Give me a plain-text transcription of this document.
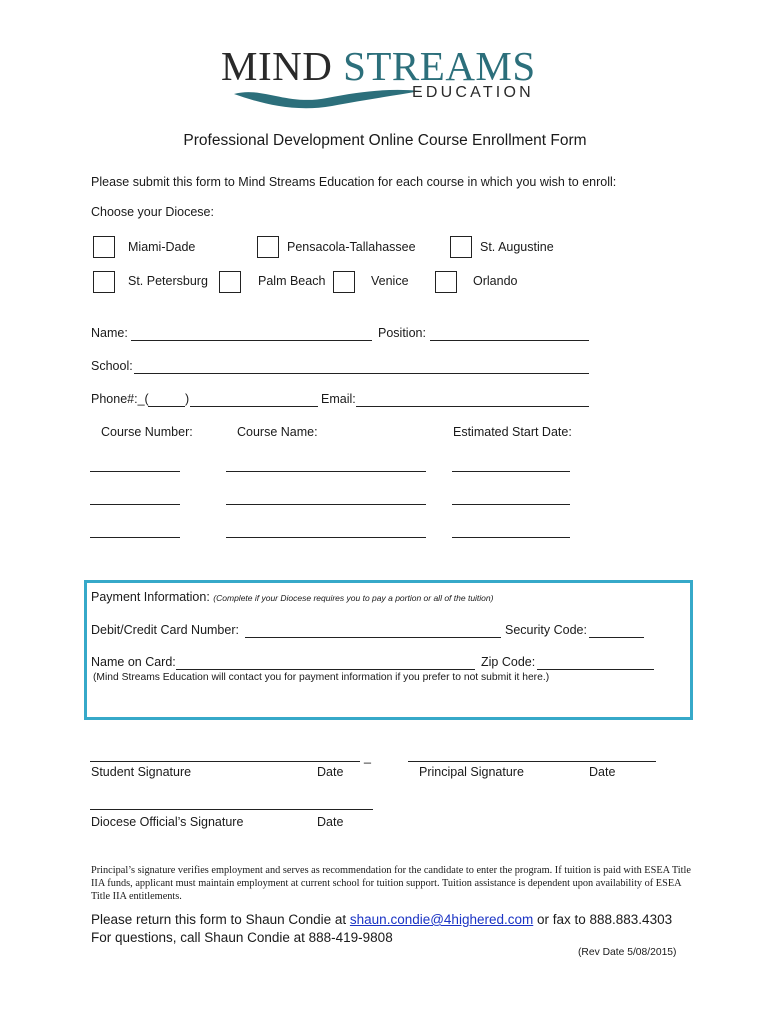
MIND STREAMS
EDUCATION
Professional Development Online Course Enrollment Form
Please submit this form to Mind Streams Education for each course in which you wish to enroll:
Choose your Diocese:
Miami-Dade	Pensacola-Tallahassee	St. Augustine
St. Petersburg	Palm Beach	Venice	Orlando
Name:	Position:
School:
Phone#:_(	)	Email:
Course Number:	Course Name:	Estimated Start Date:
Payment Information: (Complete if your Diocese requires you to pay a portion or all of the tuition)
Debit/Credit Card Number:	Security Code:
Name on Card:	Zip Code:
(Mind Streams Education will contact you for payment information if you prefer to not submit it here.)
_
Student Signature	Date	Principal Signature	Date
Diocese Official’s Signature	Date
Principal’s signature verifies employment and serves as recommendation for the candidate to enter the program. If tuition is paid with ESEA Title IIA funds, applicant must maintain employment at current school for tuition support. Tuition assistance is dependent upon availability of ESEA Title IIA entitlements.
Please return this form to Shaun Condie at shaun.condie@4highered.com or fax to 888.883.4303
For questions, call Shaun Condie at 888-419-9808
(Rev Date 5/08/2015)
